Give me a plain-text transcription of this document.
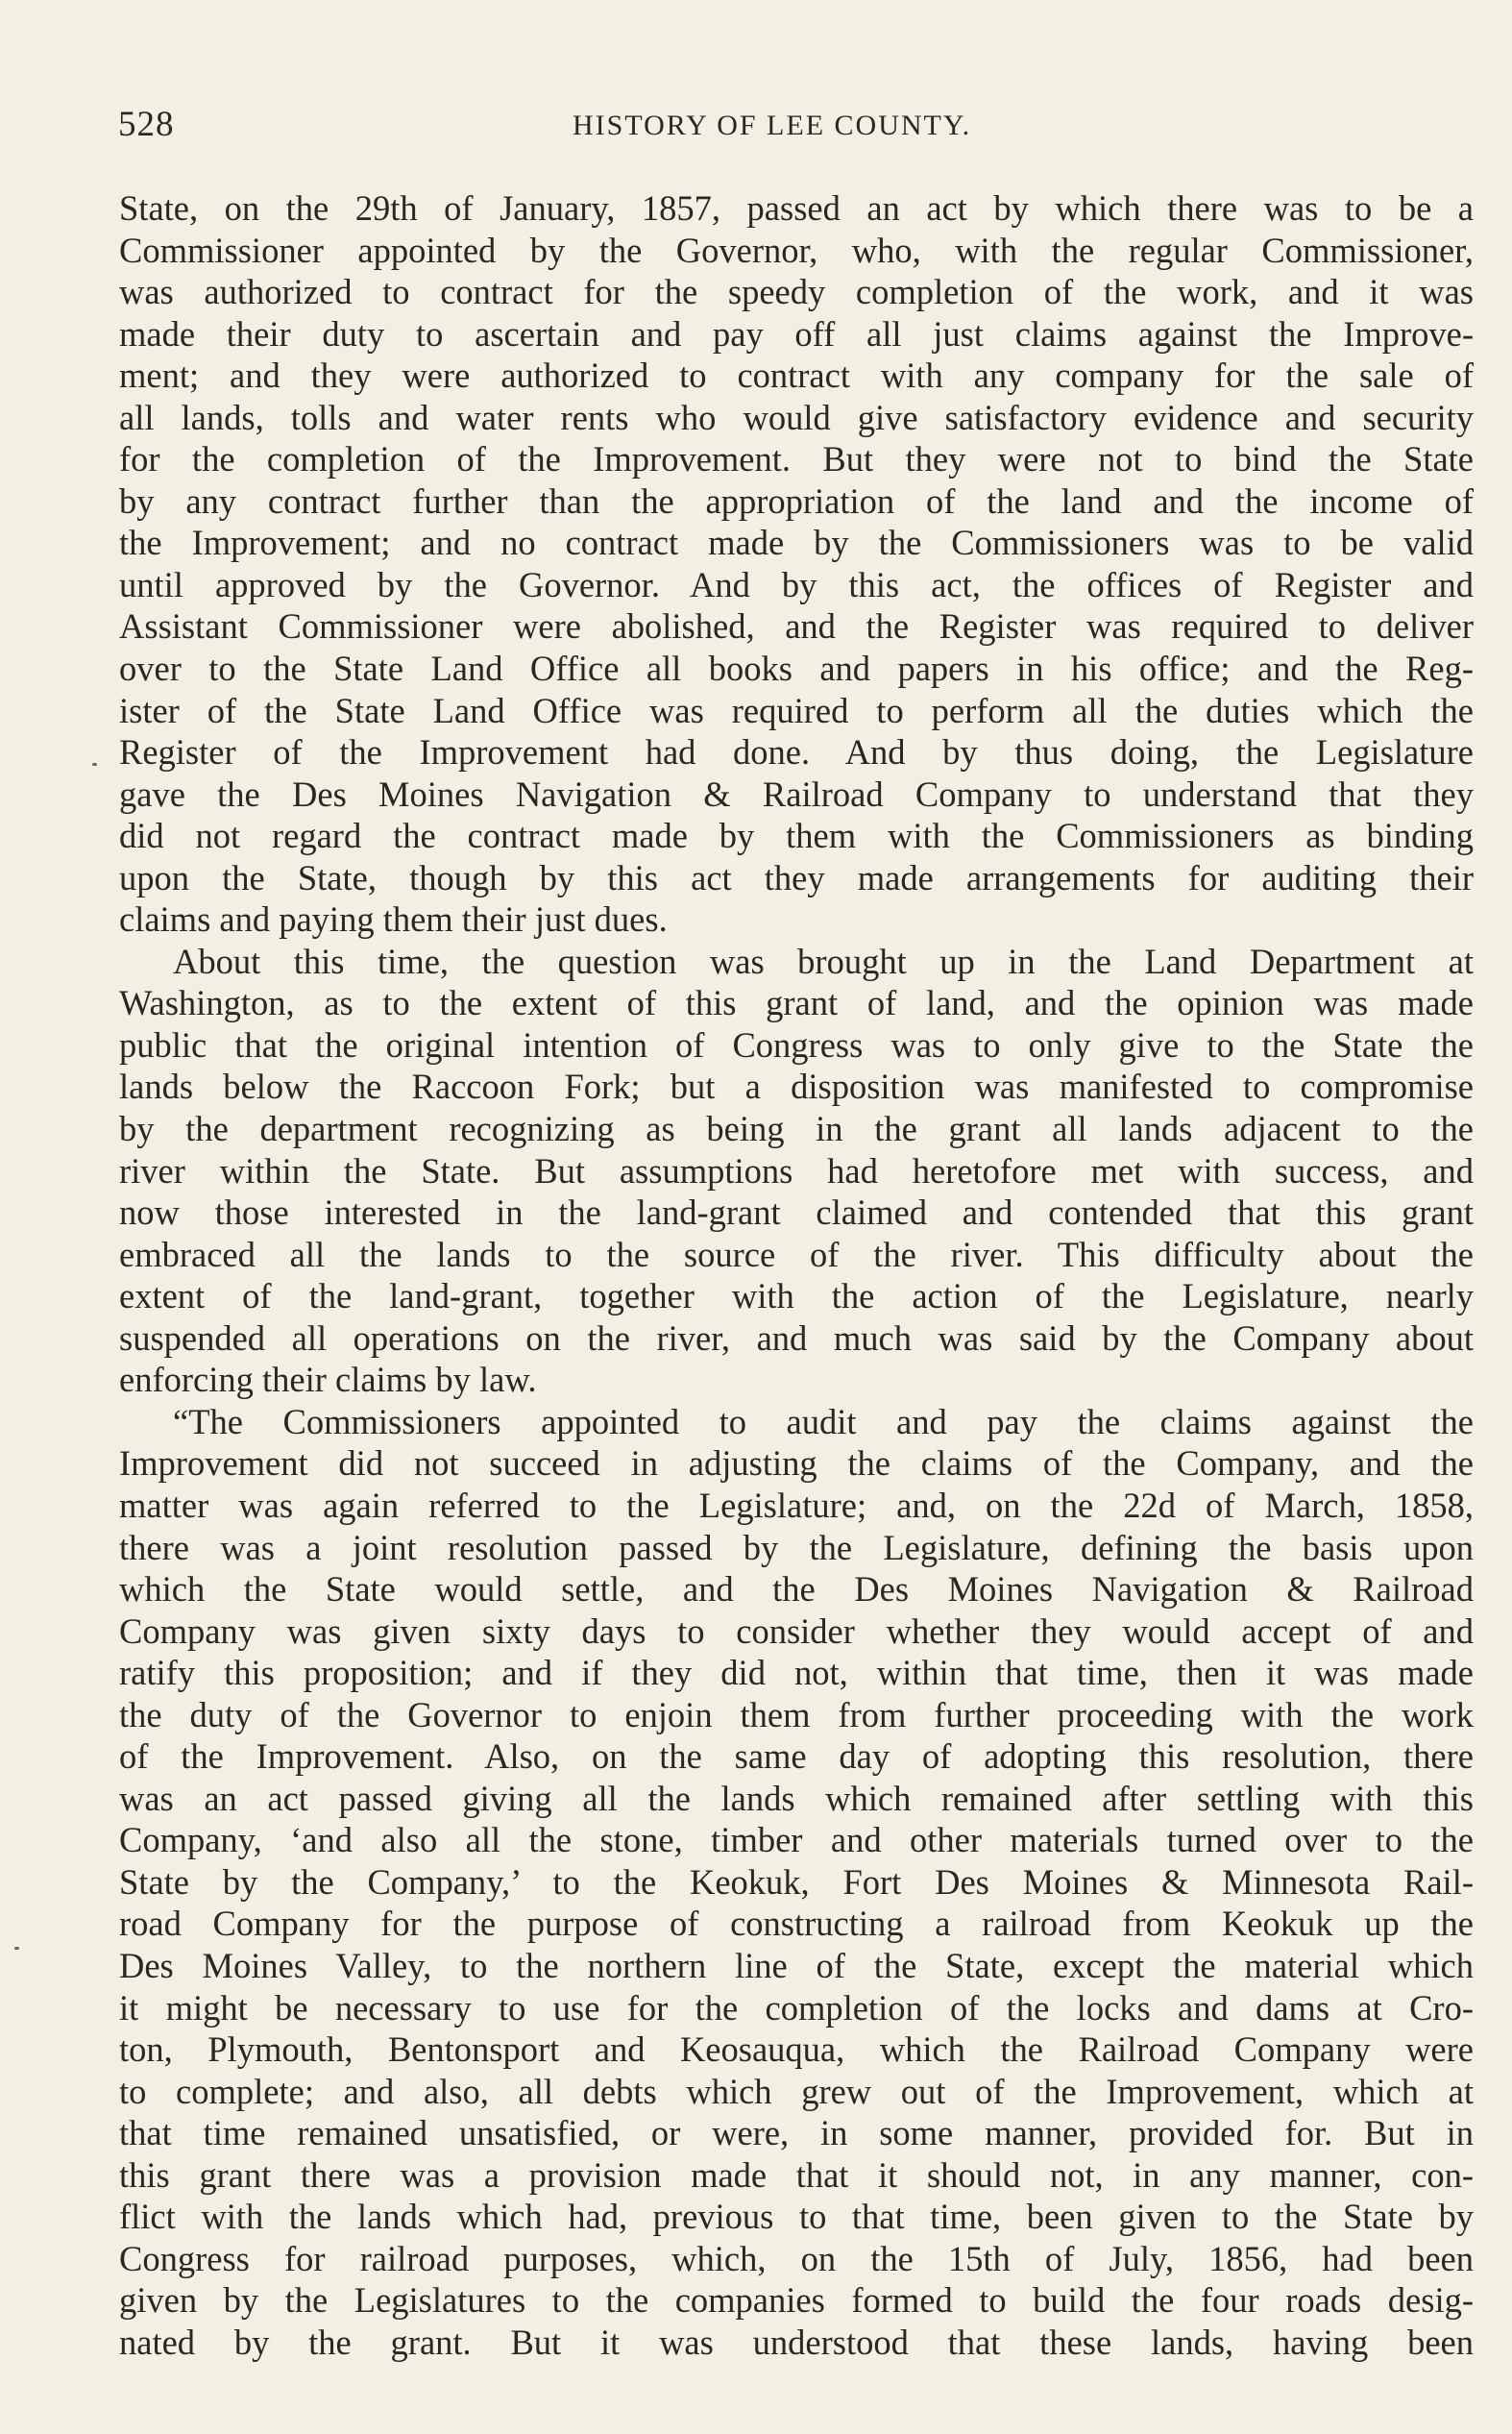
528	HISTORY OF LEE COUNTY.
State, on the 29th of January, 1857, passed an act by which there was to be a
Commissioner appointed by the Governor, who, with the regular Commissioner,
was authorized to contract for the speedy completion of the work, and it was
made their duty to ascertain and pay off all just claims against the Improve-
ment; and they were authorized to contract with any company for the sale of
all lands, tolls and water rents who would give satisfactory evidence and security
for the completion of the Improvement. But they were not to bind the State
by any contract further than the appropriation of the land and the income of
the Improvement; and no contract made by the Commissioners was to be valid
until approved by the Governor. And by this act, the offices of Register and
Assistant Commissioner were abolished, and the Register was required to deliver
over to the State Land Office all books and papers in his office; and the Reg-
ister of the State Land Office was required to perform all the duties which the
Register of the Improvement had done. And by thus doing, the Legislature
gave the Des Moines Navigation & Railroad Company to understand that they
did not regard the contract made by them with the Commissioners as binding
upon the State, though by this act they made arrangements for auditing their
claims and paying them their just dues.
About this time, the question was brought up in the Land Department at
Washington, as to the extent of this grant of land, and the opinion was made
public that the original intention of Congress was to only give to the State the
lands below the Raccoon Fork; but a disposition was manifested to compromise
by the department recognizing as being in the grant all lands adjacent to the
river within the State. But assumptions had heretofore met with success, and
now those interested in the land-grant claimed and contended that this grant
embraced all the lands to the source of the river. This difficulty about the
extent of the land-grant, together with the action of the Legislature, nearly
suspended all operations on the river, and much was said by the Company about
enforcing their claims by law.
“The Commissioners appointed to audit and pay the claims against the
Improvement did not succeed in adjusting the claims of the Company, and the
matter was again referred to the Legislature; and, on the 22d of March, 1858,
there was a joint resolution passed by the Legislature, defining the basis upon
which the State would settle, and the Des Moines Navigation & Railroad
Company was given sixty days to consider whether they would accept of and
ratify this proposition; and if they did not, within that time, then it was made
the duty of the Governor to enjoin them from further proceeding with the work
of the Improvement. Also, on the same day of adopting this resolution, there
was an act passed giving all the lands which remained after settling with this
Company, ‘and also all the stone, timber and other materials turned over to the
State by the Company,’ to the Keokuk, Fort Des Moines & Minnesota Rail-
road Company for the purpose of constructing a railroad from Keokuk up the
Des Moines Valley, to the northern line of the State, except the material which
it might be necessary to use for the completion of the locks and dams at Cro-
ton, Plymouth, Bentonsport and Keosauqua, which the Railroad Company were
to complete; and also, all debts which grew out of the Improvement, which at
that time remained unsatisfied, or were, in some manner, provided for. But in
this grant there was a provision made that it should not, in any manner, con-
flict with the lands which had, previous to that time, been given to the State by
Congress for railroad purposes, which, on the 15th of July, 1856, had been
given by the Legislatures to the companies formed to build the four roads desig-
nated by the grant. But it was understood that these lands, having been
